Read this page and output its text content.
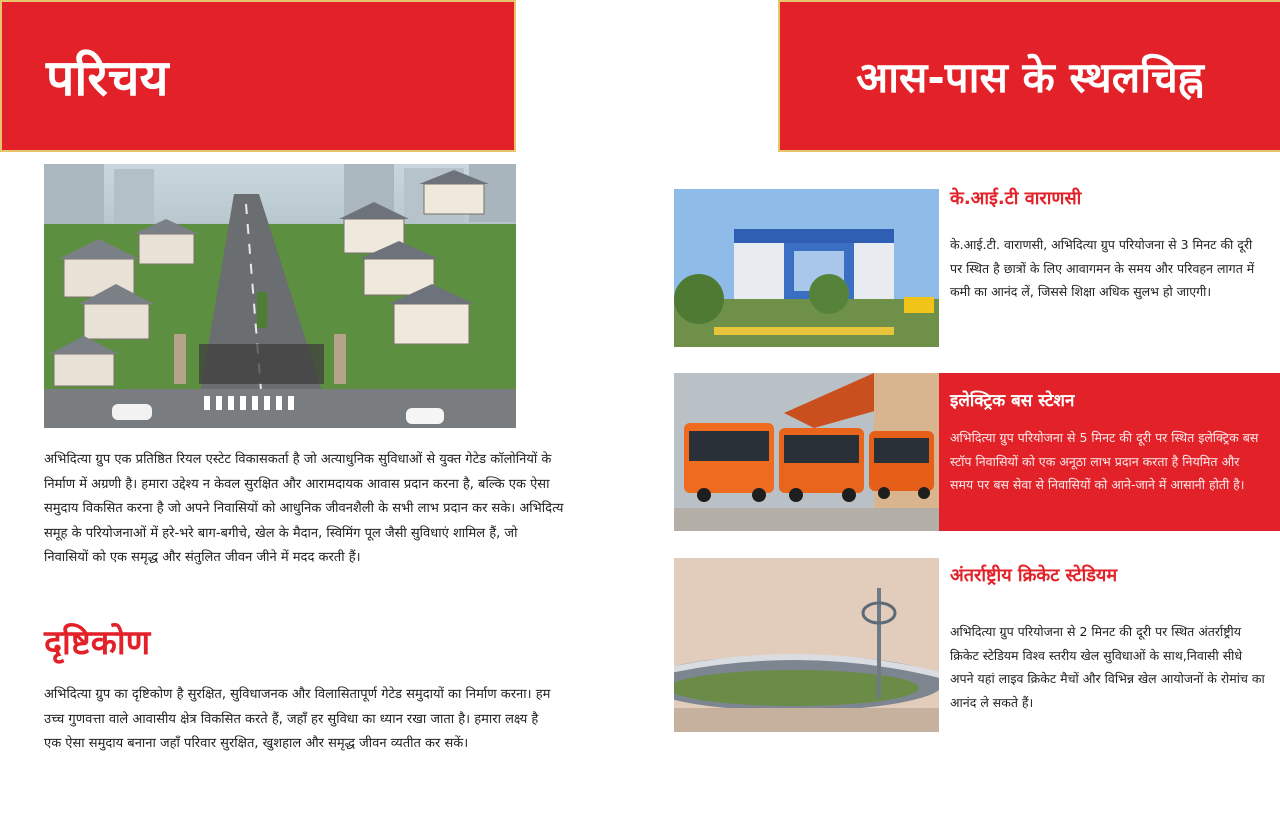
परिचय	आस-पास के स्थलचिह्न

अभिदित्या ग्रुप एक प्रतिष्ठित रियल एस्टेट विकासकर्ता है जो अत्याधुनिक सुविधाओं से युक्त गेटेड कॉलोनियों के निर्माण में अग्रणी है। हमारा उद्देश्य न केवल सुरक्षित और आरामदायक आवास प्रदान करना है, बल्कि एक ऐसा समुदाय विकसित करना है जो अपने निवासियों को आधुनिक जीवनशैली के सभी लाभ प्रदान कर सके। अभिदित्य समूह के परियोजनाओं में हरे-भरे बाग-बगीचे, खेल के मैदान, स्विमिंग पूल जैसी सुविधाएं शामिल हैं, जो निवासियों को एक समृद्ध और संतुलित जीवन जीने में मदद करती हैं।

दृष्टिकोण

अभिदित्या ग्रुप का दृष्टिकोण है सुरक्षित, सुविधाजनक और विलासितापूर्ण गेटेड समुदायों का निर्माण करना। हम उच्च गुणवत्ता वाले आवासीय क्षेत्र विकसित करते हैं, जहाँ हर सुविधा का ध्यान रखा जाता है। हमारा लक्ष्य है एक ऐसा समुदाय बनाना जहाँ परिवार सुरक्षित, खुशहाल और समृद्ध जीवन व्यतीत कर सकें।

के.आई.टी वाराणसी

के.आई.टी. वाराणसी, अभिदित्या ग्रुप परियोजना से 3 मिनट की दूरी पर स्थित है छात्रों के लिए आवागमन के समय और परिवहन लागत में कमी का आनंद लें, जिससे शिक्षा अधिक सुलभ हो जाएगी।

इलेक्ट्रिक बस स्टेशन

अभिदित्या ग्रुप परियोजना से 5 मिनट की दूरी पर स्थित इलेक्ट्रिक बस स्टॉप निवासियों को एक अनूठा लाभ प्रदान करता है नियमित और समय पर बस सेवा से निवासियों को आने-जाने में आसानी होती है।

अंतर्राष्ट्रीय क्रिकेट स्टेडियम

अभिदित्या ग्रुप परियोजना से 2 मिनट की दूरी पर स्थित अंतर्राष्ट्रीय क्रिकेट स्टेडियम विश्व स्तरीय खेल सुविधाओं के साथ,निवासी सीधे अपने यहां लाइव क्रिकेट मैचों और विभिन्न खेल आयोजनों के रोमांच का आनंद ले सकते हैं।
